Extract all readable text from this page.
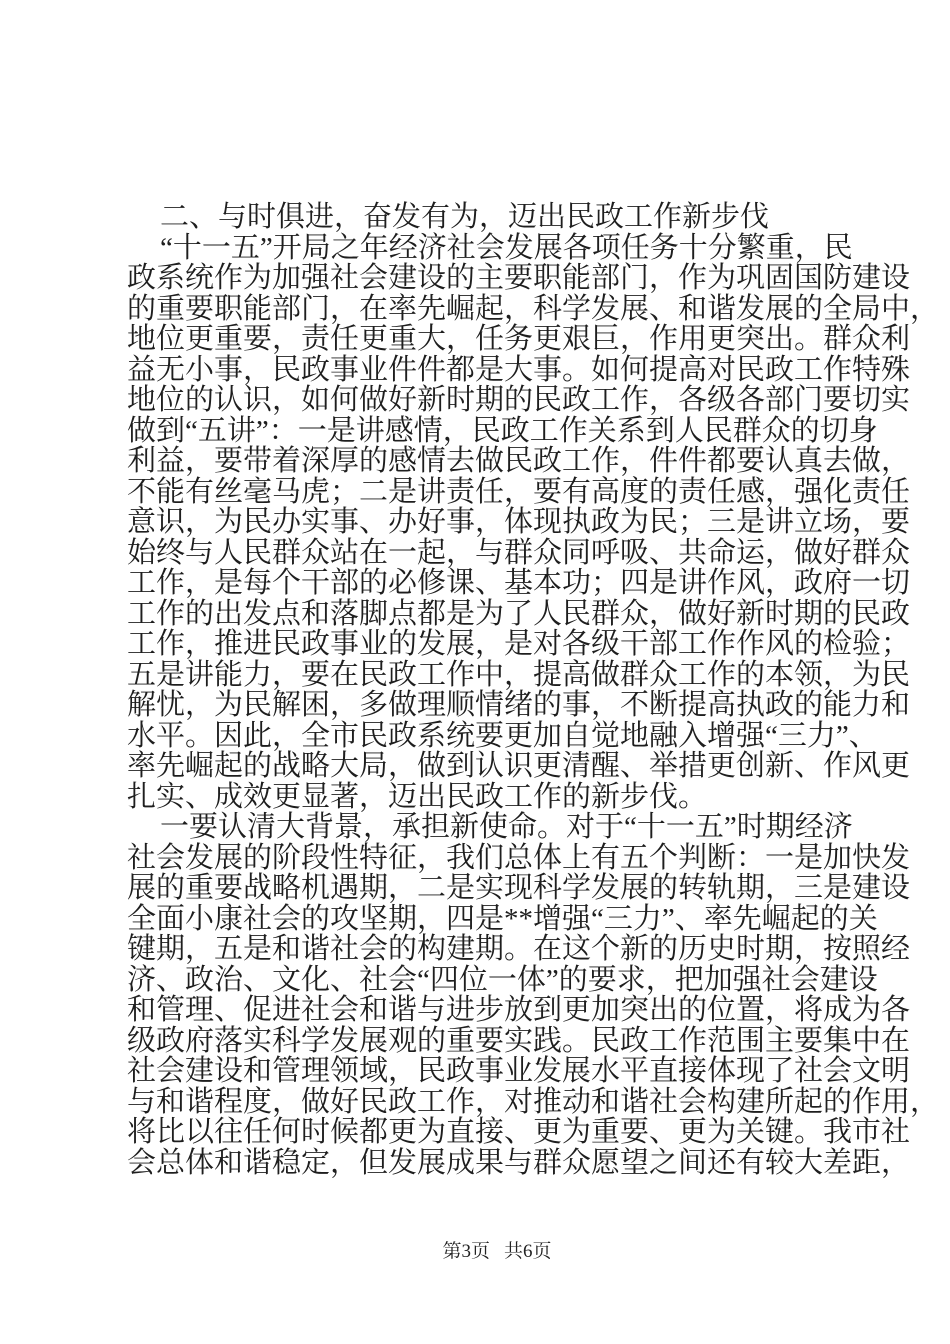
二、与时俱进，奋发有为，迈出民政工作新步伐
“十一五”开局之年经济社会发展各项任务十分繁重，民
政系统作为加强社会建设的主要职能部门，作为巩固国防建设
的重要职能部门，在率先崛起，科学发展、和谐发展的全局中，
地位更重要，责任更重大，任务更艰巨，作用更突出。群众利
益无小事，民政事业件件都是大事。如何提高对民政工作特殊
地位的认识，如何做好新时期的民政工作，各级各部门要切实
做到“五讲”：一是讲感情，民政工作关系到人民群众的切身
利益，要带着深厚的感情去做民政工作，件件都要认真去做，
不能有丝毫马虎；二是讲责任，要有高度的责任感，强化责任
意识，为民办实事、办好事，体现执政为民；三是讲立场，要
始终与人民群众站在一起，与群众同呼吸、共命运，做好群众
工作，是每个干部的必修课、基本功；四是讲作风，政府一切
工作的出发点和落脚点都是为了人民群众，做好新时期的民政
工作，推进民政事业的发展，是对各级干部工作作风的检验；
五是讲能力，要在民政工作中，提高做群众工作的本领，为民
解忧，为民解困，多做理顺情绪的事，不断提高执政的能力和
水平。因此，全市民政系统要更加自觉地融入增强“三力”、
率先崛起的战略大局，做到认识更清醒、举措更创新、作风更
扎实、成效更显著，迈出民政工作的新步伐。
一要认清大背景，承担新使命。对于“十一五”时期经济
社会发展的阶段性特征，我们总体上有五个判断：一是加快发
展的重要战略机遇期，二是实现科学发展的转轨期，三是建设
全面小康社会的攻坚期，四是**增强“三力”、率先崛起的关
键期，五是和谐社会的构建期。在这个新的历史时期，按照经
济、政治、文化、社会“四位一体”的要求，把加强社会建设
和管理、促进社会和谐与进步放到更加突出的位置，将成为各
级政府落实科学发展观的重要实践。民政工作范围主要集中在
社会建设和管理领域，民政事业发展水平直接体现了社会文明
与和谐程度，做好民政工作，对推动和谐社会构建所起的作用，
将比以往任何时候都更为直接、更为重要、更为关键。我市社
会总体和谐稳定，但发展成果与群众愿望之间还有较大差距，
第3页 共6页
